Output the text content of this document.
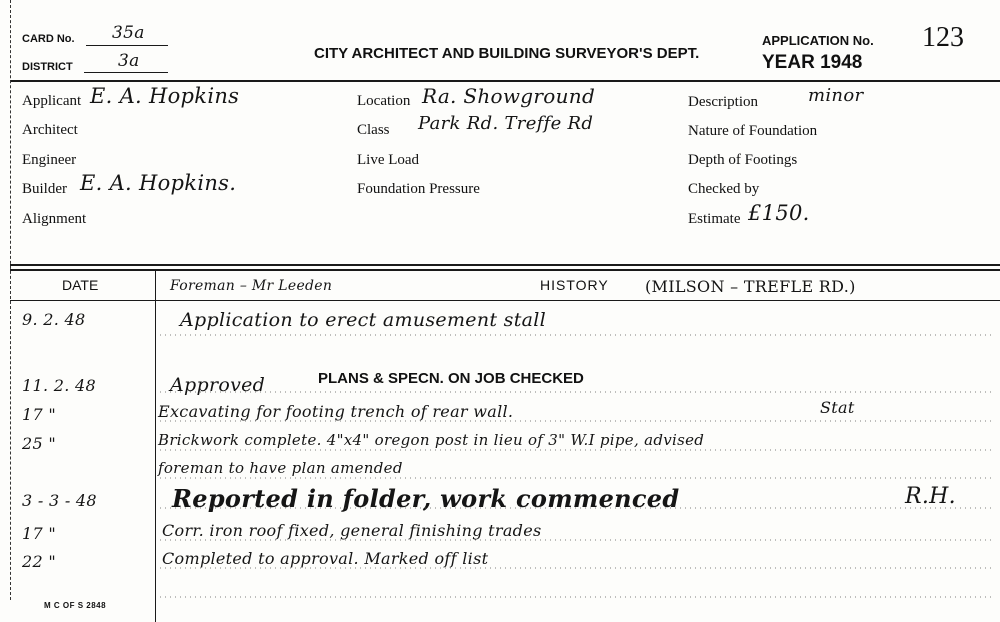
CARD No. 35a
DISTRICT	3a	CITY ARCHITECT AND BUILDING SURVEYOR'S DEPT.
APPLICATION No. 123
YEAR 1948
Applicant E. A. Hopkins
Architect
Engineer
Builder E. A. Hopkins.
Alignment
Location Ra. Showground
Class Park Rd. Treffe Rd
Live Load
Foundation Pressure
Description	minor
Nature of Foundation
Depth of Footings
Checked by
Estimate £150.
DATE	Foreman – Mr Leeden	HISTORY (MILSON – TREFLE RD.)
PLANS & SPECN. ON JOB CHECKED
9. 2. 48	Application to erect amusement stall
11. 2. 48	Approved
17 "	Excavating for footing trench of rear wall.	Stat
25 "	Brickwork complete. 4"x4" oregon post in lieu of 3" W.I pipe, advised
foreman to have plan amended
3 - 3 - 48	Reported in folder, work commenced	R.H.
17 "	Corr. iron roof fixed, general finishing trades
22 "	Completed to approval. Marked off list
M C OF S 2848
